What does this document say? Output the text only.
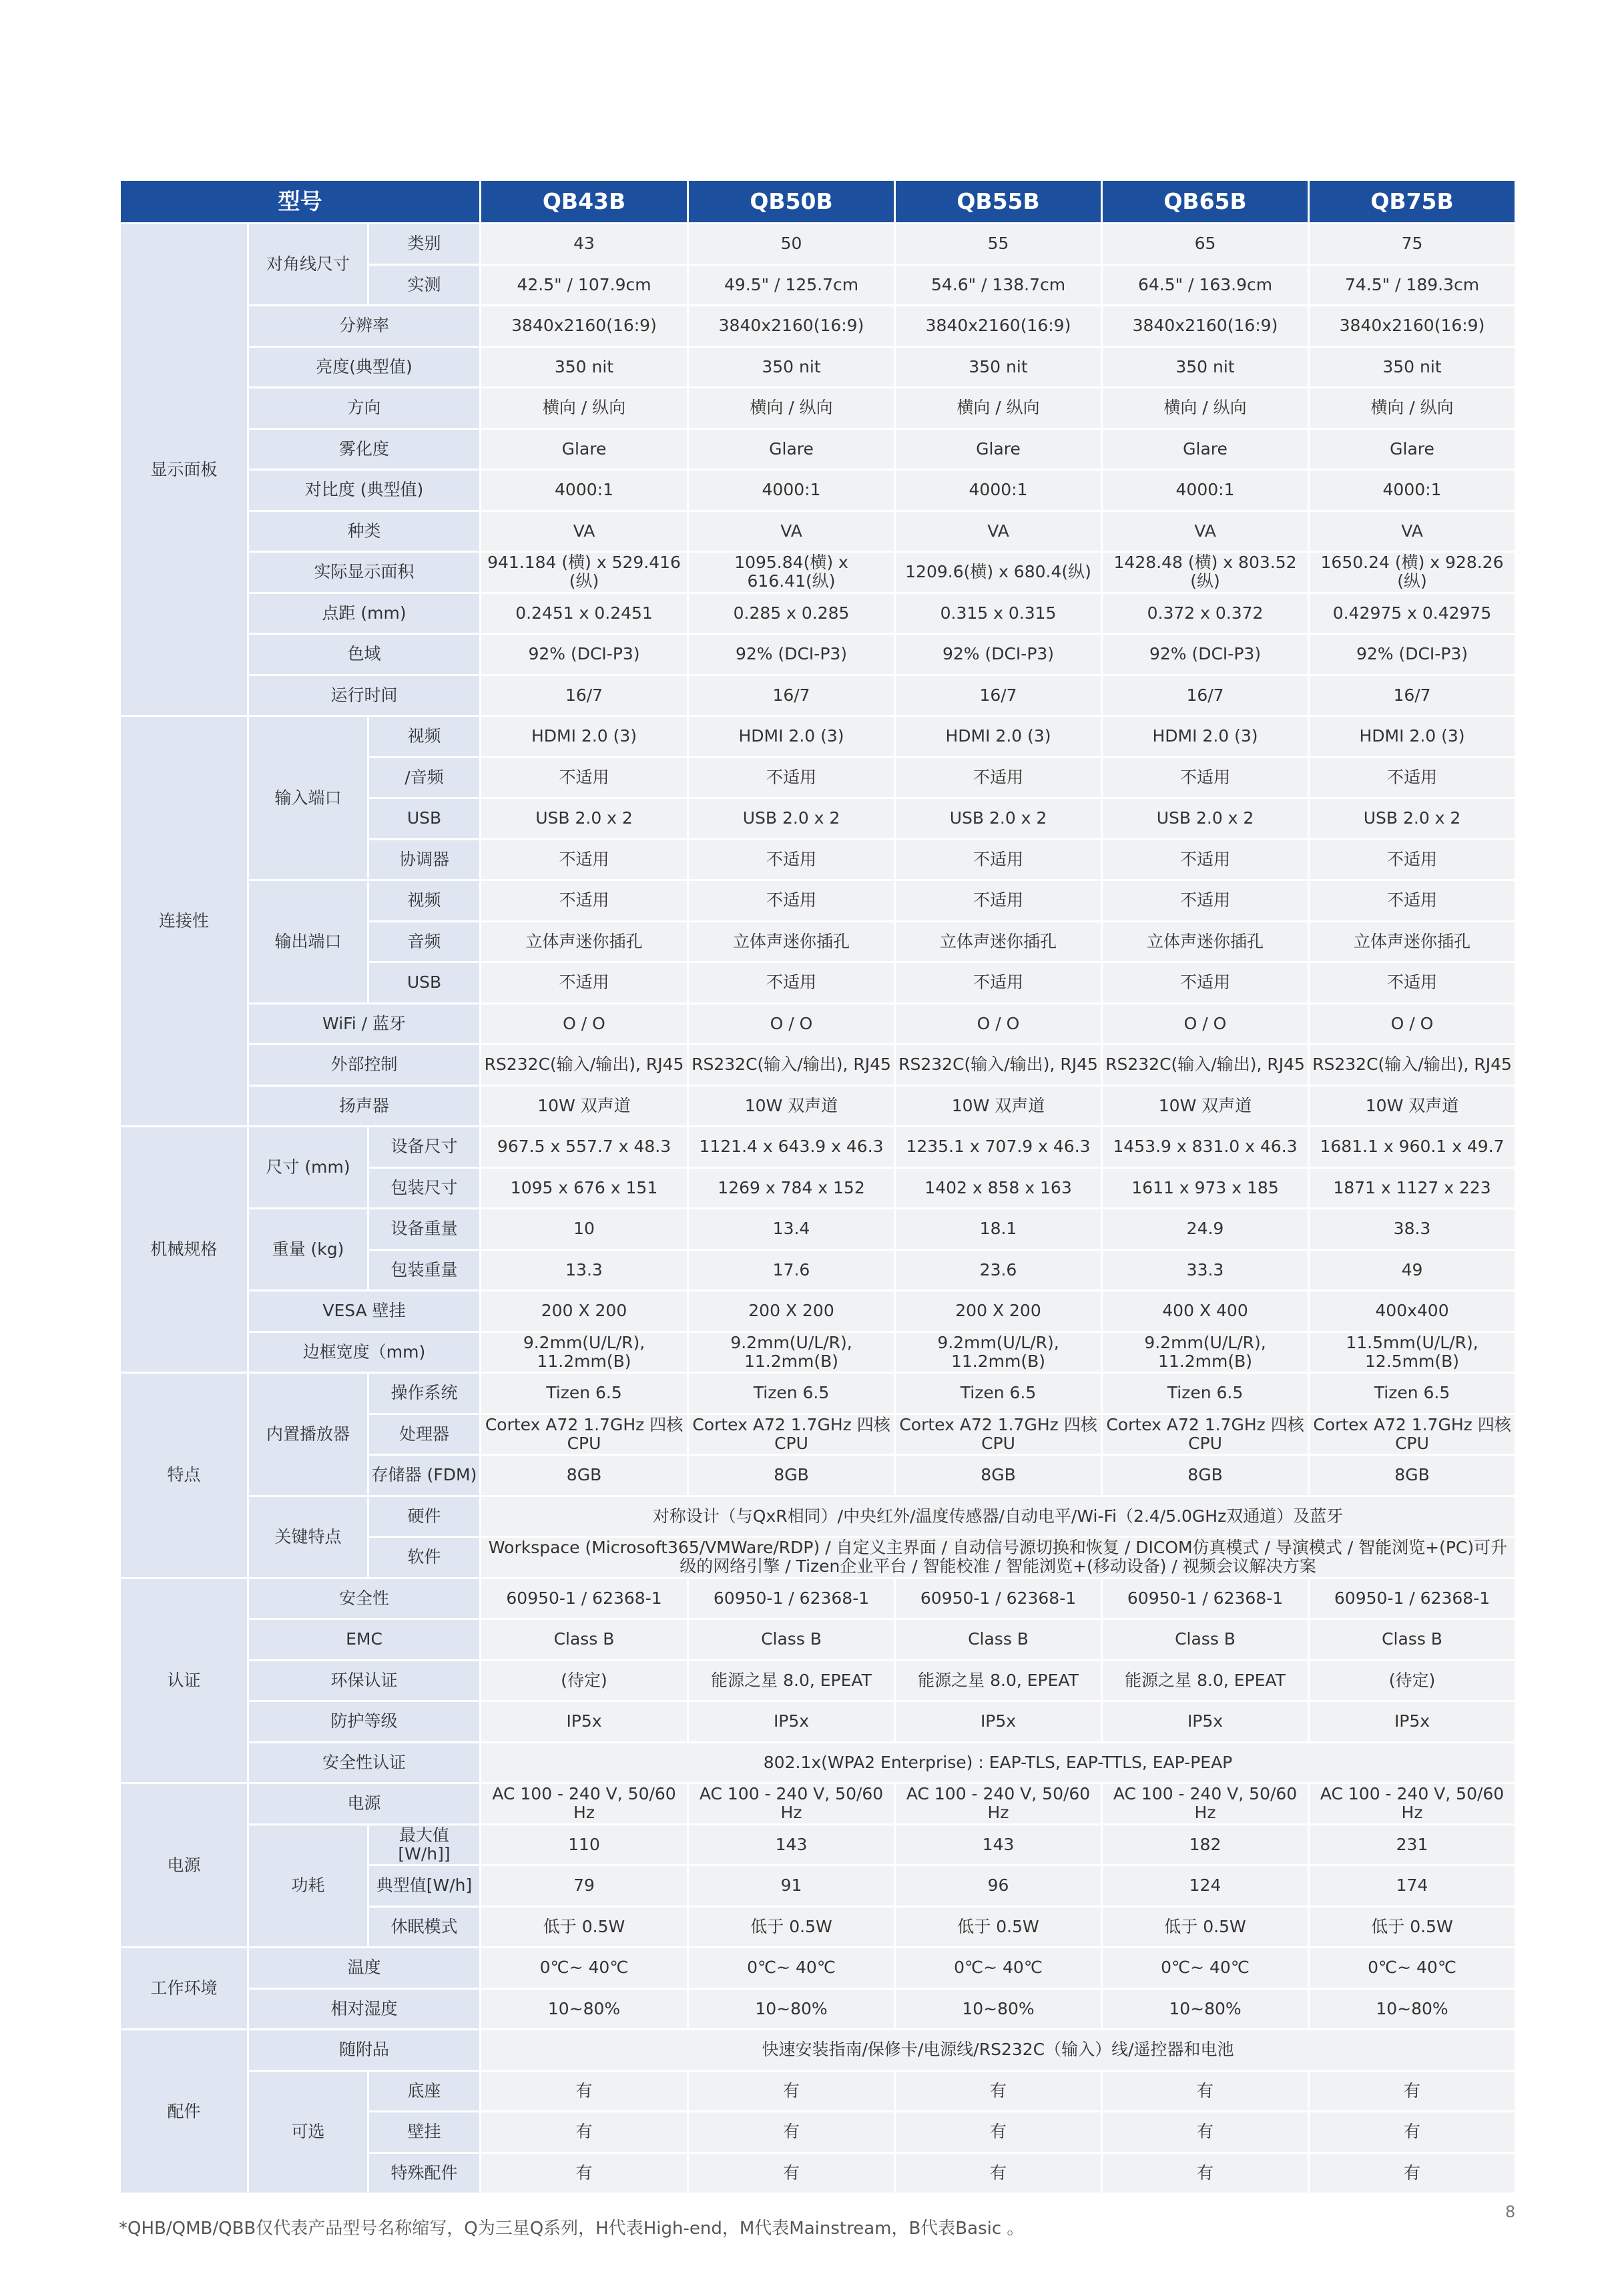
型号			QB43B	QB50B	QB55B	QB65B	QB75B
显示面板	对角线尺寸	类别	43	50	55	65	75
		实测	42.5" / 107.9cm	49.5" / 125.7cm	54.6" / 138.7cm	64.5" / 163.9cm	74.5" / 189.3cm
	分辨率		3840x2160(16:9)	3840x2160(16:9)	3840x2160(16:9)	3840x2160(16:9)	3840x2160(16:9)
	亮度(典型值)		350 nit	350 nit	350 nit	350 nit	350 nit
	方向		横向 / 纵向	横向 / 纵向	横向 / 纵向	横向 / 纵向	横向 / 纵向
	雾化度		Glare	Glare	Glare	Glare	Glare
	对比度 (典型值)		4000:1	4000:1	4000:1	4000:1	4000:1
	种类		VA	VA	VA	VA	VA
	实际显示面积		941.184 (横) x 529.416 (纵)	1095.84(横) x 616.41(纵)	1209.6(横) x 680.4(纵)	1428.48 (横) x 803.52 (纵)	1650.24 (横) x 928.26 (纵)
	点距 (mm)		0.2451 x 0.2451	0.285 x 0.285	0.315 x 0.315	0.372 x 0.372	0.42975 x 0.42975
	色域		92% (DCI-P3)	92% (DCI-P3)	92% (DCI-P3)	92% (DCI-P3)	92% (DCI-P3)
	运行时间		16/7	16/7	16/7	16/7	16/7
连接性	输入端口	视频	HDMI 2.0 (3)	HDMI 2.0 (3)	HDMI 2.0 (3)	HDMI 2.0 (3)	HDMI 2.0 (3)
		/音频	不适用	不适用	不适用	不适用	不适用
		USB	USB 2.0 x 2	USB 2.0 x 2	USB 2.0 x 2	USB 2.0 x 2	USB 2.0 x 2
		协调器	不适用	不适用	不适用	不适用	不适用
	输出端口	视频	不适用	不适用	不适用	不适用	不适用
		音频	立体声迷你插孔	立体声迷你插孔	立体声迷你插孔	立体声迷你插孔	立体声迷你插孔
		USB	不适用	不适用	不适用	不适用	不适用
	WiFi / 蓝牙		O / O	O / O	O / O	O / O	O / O
	外部控制		RS232C(输入/输出), RJ45	RS232C(输入/输出), RJ45	RS232C(输入/输出), RJ45	RS232C(输入/输出), RJ45	RS232C(输入/输出), RJ45
	扬声器		10W 双声道	10W 双声道	10W 双声道	10W 双声道	10W 双声道
机械规格	尺寸 (mm)	设备尺寸	967.5 x 557.7 x 48.3	1121.4 x 643.9 x 46.3	1235.1 x 707.9 x 46.3	1453.9 x 831.0 x 46.3	1681.1 x 960.1 x 49.7
		包装尺寸	1095 x 676 x 151	1269 x 784 x 152	1402 x 858 x 163	1611 x 973 x 185	1871 x 1127 x 223
	重量 (kg)	设备重量	10	13.4	18.1	24.9	38.3
		包装重量	13.3	17.6	23.6	33.3	49
	VESA 壁挂		200 X 200	200 X 200	200 X 200	400 X 400	400x400
	边框宽度（mm)		9.2mm(U/L/R), 11.2mm(B)	9.2mm(U/L/R), 11.2mm(B)	9.2mm(U/L/R), 11.2mm(B)	9.2mm(U/L/R), 11.2mm(B)	11.5mm(U/L/R), 12.5mm(B)
特点	内置播放器	操作系统	Tizen 6.5	Tizen 6.5	Tizen 6.5	Tizen 6.5	Tizen 6.5
		处理器	Cortex A72 1.7GHz 四核 CPU	Cortex A72 1.7GHz 四核 CPU	Cortex A72 1.7GHz 四核 CPU	Cortex A72 1.7GHz 四核 CPU	Cortex A72 1.7GHz 四核 CPU
		存储器 (FDM)	8GB	8GB	8GB	8GB	8GB
	关键特点	硬件	对称设计（与QxR相同）/中央红外/温度传感器/自动电平/Wi-Fi（2.4/5.0GHz双通道）及蓝牙				
		软件	Workspace (Microsoft365/VMWare/RDP) / 自定义主界面 / 自动信号源切换和恢复 / DICOM仿真模式 / 导演模式 / 智能浏览+(PC)可升级的网络引擎 / Tizen企业平台 / 智能校准 / 智能浏览+(移动设备) / 视频会议解决方案				
认证	安全性		60950-1 / 62368-1	60950-1 / 62368-1	60950-1 / 62368-1	60950-1 / 62368-1	60950-1 / 62368-1
	EMC		Class B	Class B	Class B	Class B	Class B
	环保认证		(待定)	能源之星 8.0, EPEAT	能源之星 8.0, EPEAT	能源之星 8.0, EPEAT	(待定)
	防护等级		IP5x	IP5x	IP5x	IP5x	IP5x
	安全性认证		802.1x(WPA2 Enterprise) : EAP-TLS, EAP-TTLS, EAP-PEAP				
电源	电源		AC 100 - 240 V, 50/60 Hz	AC 100 - 240 V, 50/60 Hz	AC 100 - 240 V, 50/60 Hz	AC 100 - 240 V, 50/60 Hz	AC 100 - 240 V, 50/60 Hz
	功耗	最大值 [W/h]]	110	143	143	182	231
		典型值[W/h]	79	91	96	124	174
		休眠模式	低于 0.5W	低于 0.5W	低于 0.5W	低于 0.5W	低于 0.5W
工作环境	温度		0℃~ 40℃	0℃~ 40℃	0℃~ 40℃	0℃~ 40℃	0℃~ 40℃
	相对湿度		10~80%	10~80%	10~80%	10~80%	10~80%
配件	随附品		快速安装指南/保修卡/电源线/RS232C（输入）线/遥控器和电池				
	可选	底座	有	有	有	有	有
		壁挂	有	有	有	有	有
		特殊配件	有	有	有	有	有
*QHB/QMB/QBB仅代表产品型号名称缩写，Q为三星Q系列，H代表High-end，M代表Mainstream，B代表Basic 。
8
